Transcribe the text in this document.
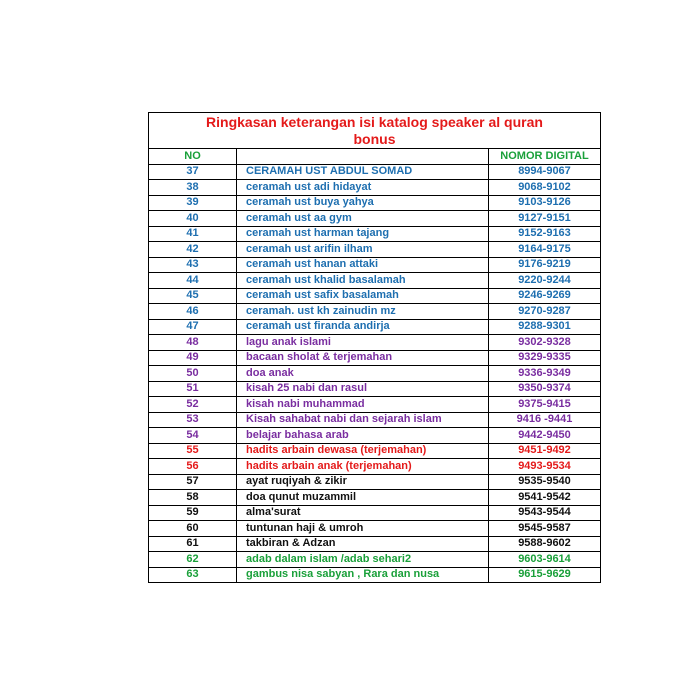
Ringkasan keterangan isi katalog speaker al quran
bonus
NO		NOMOR DIGITAL
37	CERAMAH UST ABDUL SOMAD	8994-9067
38	ceramah ust adi hidayat	9068-9102
39	ceramah ust buya yahya	9103-9126
40	ceramah ust aa gym	9127-9151
41	ceramah ust harman tajang	9152-9163
42	ceramah ust arifin ilham	9164-9175
43	ceramah ust hanan attaki	9176-9219
44	ceramah ust khalid basalamah	9220-9244
45	ceramah ust safix basalamah	9246-9269
46	ceramah. ust kh zainudin mz	9270-9287
47	ceramah ust firanda andirja	9288-9301
48	lagu anak islami	9302-9328
49	bacaan sholat & terjemahan	9329-9335
50	doa anak	9336-9349
51	kisah 25 nabi dan rasul	9350-9374
52	kisah nabi muhammad	9375-9415
53	Kisah sahabat nabi dan sejarah islam	9416 -9441
54	belajar bahasa arab	9442-9450
55	hadits arbain dewasa (terjemahan)	9451-9492
56	hadits arbain anak (terjemahan)	9493-9534
57	ayat ruqiyah & zikir	9535-9540
58	doa qunut muzammil	9541-9542
59	alma'surat	9543-9544
60	tuntunan haji & umroh	9545-9587
61	takbiran & Adzan	9588-9602
62	adab dalam islam /adab sehari2	9603-9614
63	gambus nisa sabyan , Rara dan nusa	9615-9629
